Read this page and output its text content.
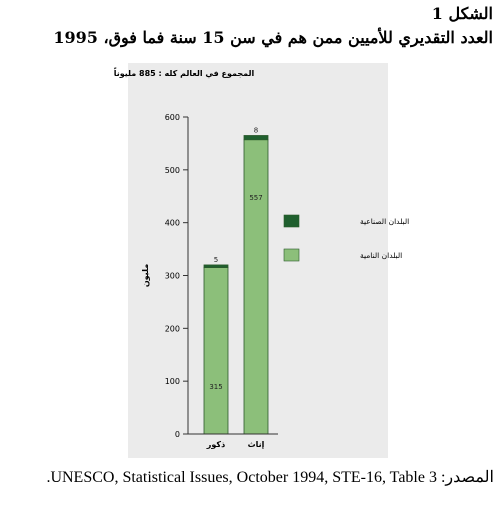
الشكل 1
العدد التقديري للأميين ممن هم في سن 15 سنة فما فوق، 1995
المجموع في العالم كله : 885 مليوناً
0
100
200
300
400
500
600
مليون
315
5
ذكور
557
8
إناث
البلدان الصناعية
البلدان النامية
المصدر: UNESCO, Statistical Issues, October 1994, STE-16, Table 3.
